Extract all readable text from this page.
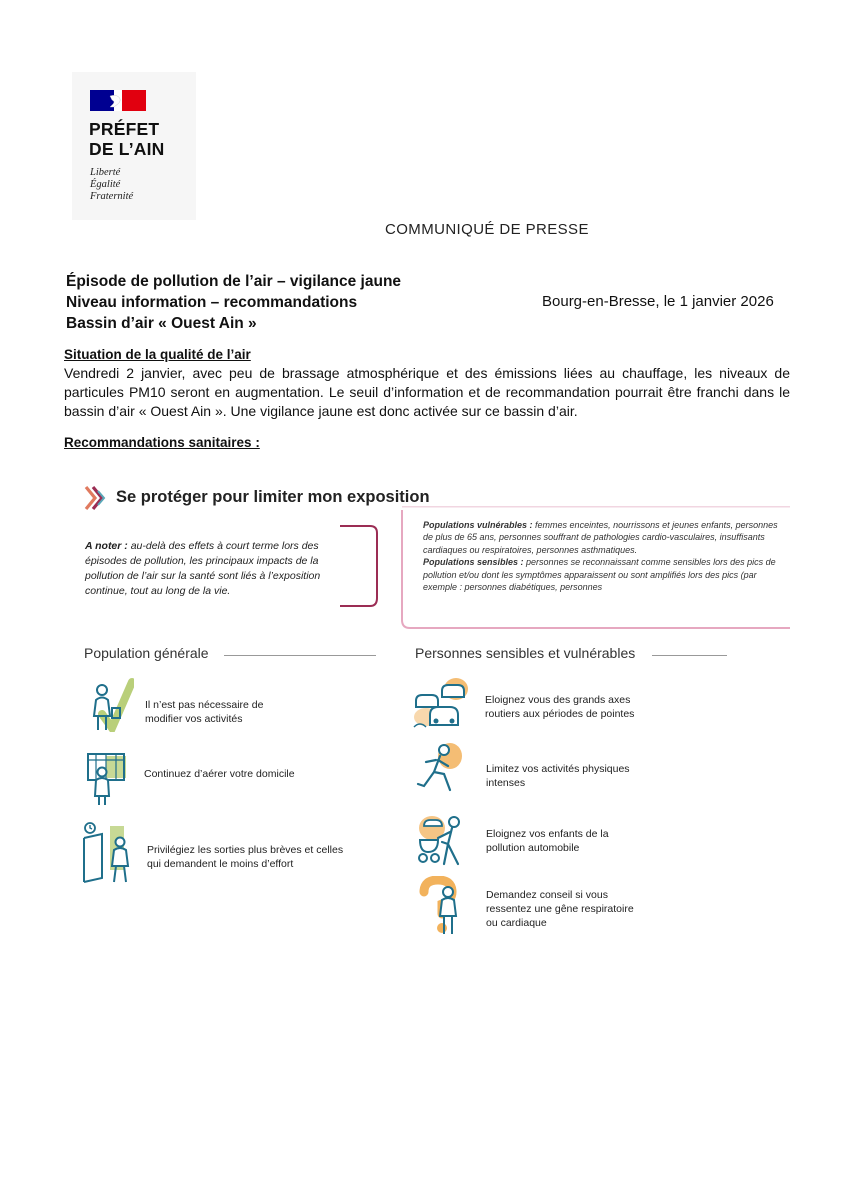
PRÉFET
DE L’AIN
Liberté
Égalité
Fraternité
COMMUNIQUÉ DE PRESSE
Épisode de pollution de l’air – vigilance jaune
Niveau information – recommandations
Bassin d’air « Ouest Ain »
Bourg-en-Bresse, le 1 janvier 2026
Situation de la qualité de l’air
Vendredi 2 janvier, avec peu de brassage atmosphérique et des émissions liées au chauffage, les niveaux de particules PM10 seront en augmentation. Le seuil d’information et de recommandation pourrait être franchi dans le bassin d’air « Ouest Ain ». Une vigilance jaune est donc activée sur ce bassin d’air.
Recommandations sanitaires :
Se protéger pour limiter mon exposition
A noter : au-delà des effets à court terme lors des épisodes de pollution, les principaux impacts de la pollution de l’air sur la santé sont liés à l’exposition continue, tout au long de la vie.
Populations vulnérables : femmes enceintes, nourrissons et jeunes enfants, personnes de plus de 65 ans, personnes souffrant de pathologies cardio-vasculaires, insuffisants cardiaques ou respiratoires, personnes asthmatiques.
Populations sensibles : personnes se reconnaissant comme sensibles lors des pics de pollution et/ou dont les symptômes apparaissent ou sont amplifiés lors des pics (par exemple : personnes diabétiques, personnes
Population générale	Personnes sensibles et vulnérables
Il n’est pas nécessaire de modifier vos activités
Continuez d’aérer votre domicile
Privilégiez les sorties plus brèves et celles qui demandent le moins d’effort
Eloignez vous des grands axes routiers aux périodes de pointes
Limitez vos activités physiques intenses
Eloignez vos enfants de la pollution automobile
Demandez conseil si vous ressentez une gêne respiratoire ou cardiaque
